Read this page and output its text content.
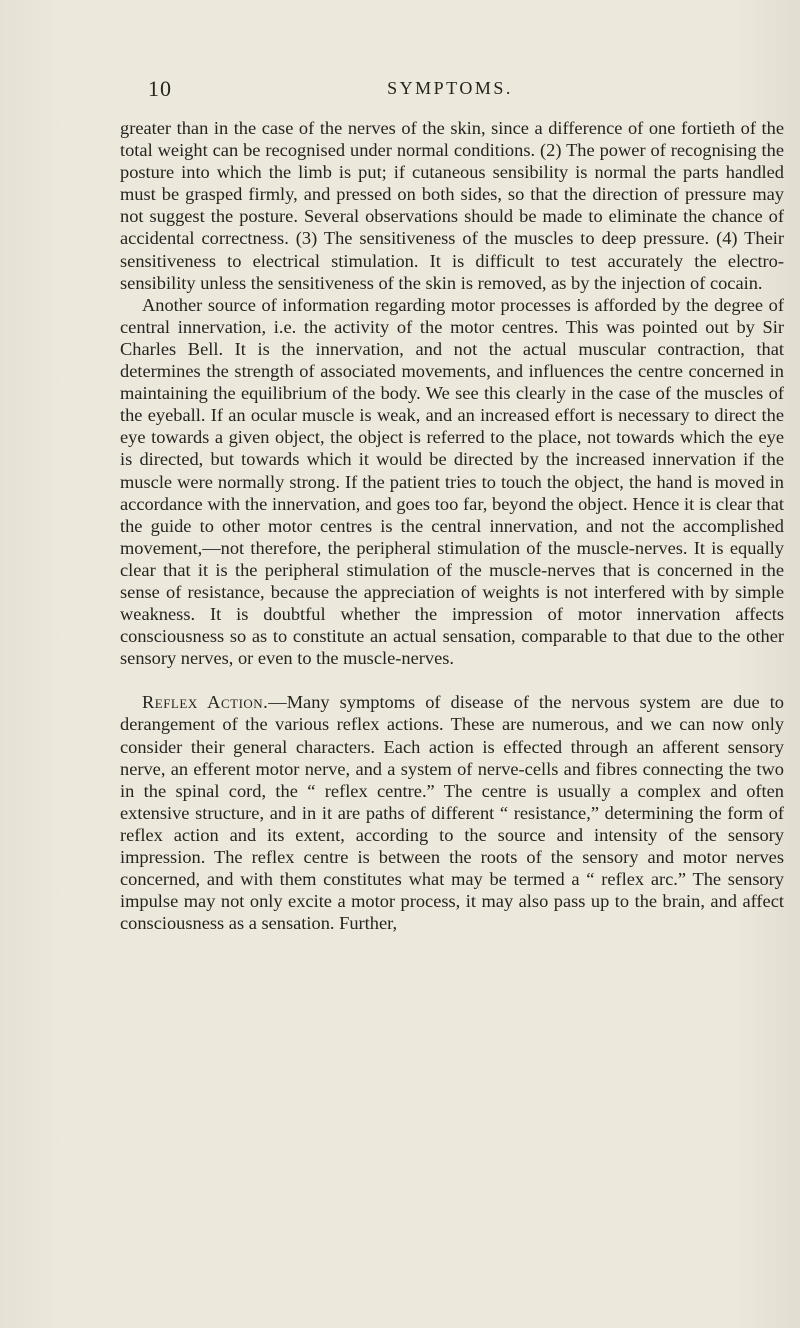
10	SYMPTOMS.

greater than in the case of the nerves of the skin, since a difference of one fortieth of the total weight can be recognised under normal conditions. (2) The power of recognising the posture into which the limb is put; if cutaneous sensibility is normal the parts handled must be grasped firmly, and pressed on both sides, so that the direction of pressure may not suggest the posture. Several observations should be made to eliminate the chance of accidental correctness. (3) The sensitiveness of the muscles to deep pressure. (4) Their sensitiveness to electrical stimulation. It is difficult to test accurately the electro-sensibility unless the sensitiveness of the skin is removed, as by the injection of cocain.

Another source of information regarding motor processes is afforded by the degree of central innervation, i.e. the activity of the motor centres. This was pointed out by Sir Charles Bell. It is the innervation, and not the actual muscular contraction, that determines the strength of associated movements, and influences the centre concerned in maintaining the equilibrium of the body. We see this clearly in the case of the muscles of the eyeball. If an ocular muscle is weak, and an increased effort is necessary to direct the eye towards a given object, the object is referred to the place, not towards which the eye is directed, but towards which it would be directed by the increased innervation if the muscle were normally strong. If the patient tries to touch the object, the hand is moved in accordance with the innervation, and goes too far, beyond the object. Hence it is clear that the guide to other motor centres is the central innervation, and not the accomplished movement,—not therefore, the peripheral stimulation of the muscle-nerves. It is equally clear that it is the peripheral stimulation of the muscle-nerves that is concerned in the sense of resistance, because the appreciation of weights is not interfered with by simple weakness. It is doubtful whether the impression of motor innervation affects consciousness so as to constitute an actual sensation, comparable to that due to the other sensory nerves, or even to the muscle-nerves.

Reflex Action.—Many symptoms of disease of the nervous system are due to derangement of the various reflex actions. These are numerous, and we can now only consider their general characters. Each action is effected through an afferent sensory nerve, an efferent motor nerve, and a system of nerve-cells and fibres connecting the two in the spinal cord, the “ reflex centre.” The centre is usually a complex and often extensive structure, and in it are paths of different “ resistance,” determining the form of reflex action and its extent, according to the source and intensity of the sensory impression. The reflex centre is between the roots of the sensory and motor nerves concerned, and with them constitutes what may be termed a “ reflex arc.” The sensory impulse may not only excite a motor process, it may also pass up to the brain, and affect consciousness as a sensation. Further,
